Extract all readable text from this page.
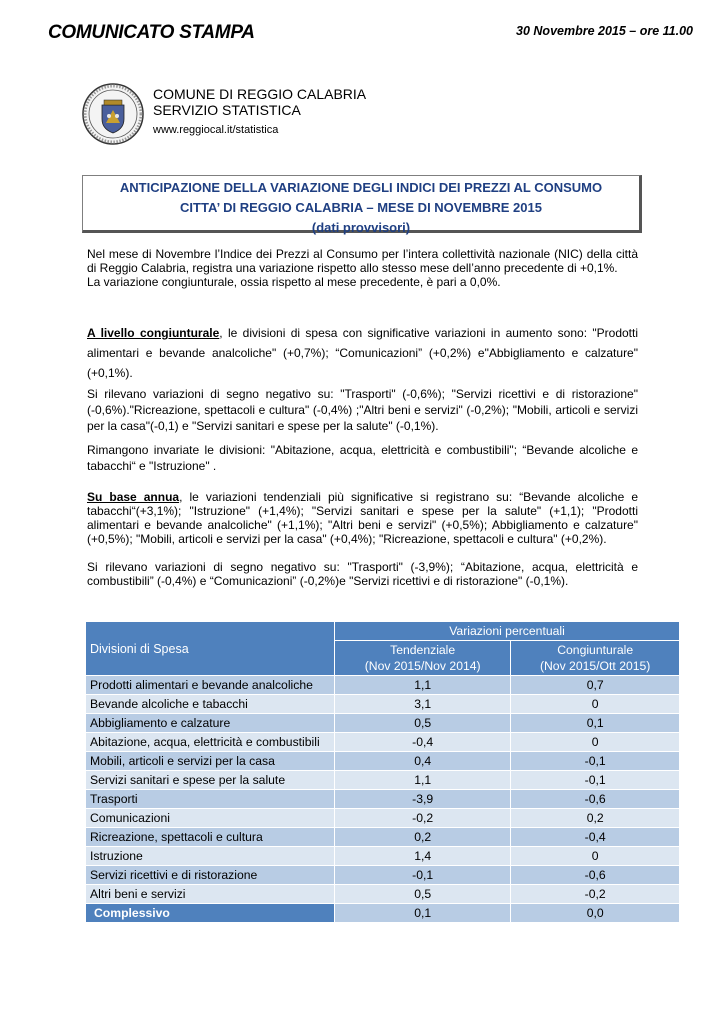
COMUNICATO STAMPA	30 Novembre 2015 – ore 11.00
COMUNE DI REGGIO CALABRIA
SERVIZIO STATISTICA
www.reggiocal.it/statistica
ANTICIPAZIONE DELLA VARIAZIONE DEGLI INDICI DEI PREZZI AL CONSUMO
CITTA’ DI REGGIO CALABRIA – MESE DI NOVEMBRE 2015
(dati provvisori)

Nel mese di Novembre l’Indice dei Prezzi al Consumo per l’intera collettività nazionale (NIC) della città di Reggio Calabria, registra una variazione rispetto allo stesso mese dell’anno precedente di +0,1%.

La variazione congiunturale, ossia rispetto al mese precedente, è pari a 0,0%.

A livello congiunturale, le divisioni di spesa con significative variazioni in aumento sono: "Prodotti alimentari e bevande analcoliche" (+0,7%); “Comunicazioni” (+0,2%) e"Abbigliamento e calzature" (+0,1%).

Si rilevano variazioni di segno negativo su: "Trasporti" (-0,6%); "Servizi ricettivi e di ristorazione" (-0,6%)."Ricreazione, spettacoli e cultura" (-0,4%) ;"Altri beni e servizi" (-0,2%); "Mobili, articoli e servizi per la casa"(-0,1) e "Servizi sanitari e spese per la salute" (-0,1%).

Rimangono invariate le divisioni: "Abitazione, acqua, elettricità e combustibili"; “Bevande alcoliche e tabacchi“ e "Istruzione" .

Su base annua, le variazioni tendenziali più significative si registrano su: “Bevande alcoliche e tabacchi“(+3,1%); "Istruzione" (+1,4%); "Servizi sanitari e spese per la salute" (+1,1); "Prodotti alimentari e bevande analcoliche" (+1,1%); "Altri beni e servizi" (+0,5%); Abbigliamento e calzature" (+0,5%); "Mobili, articoli e servizi per la casa" (+0,4%); "Ricreazione, spettacoli e cultura" (+0,2%).

Si rilevano variazioni di segno negativo su: "Trasporti" (-3,9%); “Abitazione, acqua, elettricità e combustibili” (-0,4%) e “Comunicazioni” (-0,2%)e "Servizi ricettivi e di ristorazione" (-0,1%).

Divisioni di Spesa	Variazioni percentuali	
	Tendenziale
(Nov 2015/Nov 2014)	Congiunturale
(Nov 2015/Ott 2015)
Prodotti alimentari e bevande analcoliche	1,1	0,7
Bevande alcoliche e tabacchi	3,1	0
Abbigliamento e calzature	0,5	0,1
Abitazione, acqua, elettricità e combustibili	-0,4	0
Mobili, articoli e servizi per la casa	0,4	-0,1
Servizi sanitari e spese per la salute	1,1	-0,1
Trasporti	-3,9	-0,6
Comunicazioni	-0,2	0,2
Ricreazione, spettacoli e cultura	0,2	-0,4
Istruzione	1,4	0
Servizi ricettivi e di ristorazione	-0,1	-0,6
Altri beni e servizi	0,5	-0,2
Complessivo	0,1	0,0
